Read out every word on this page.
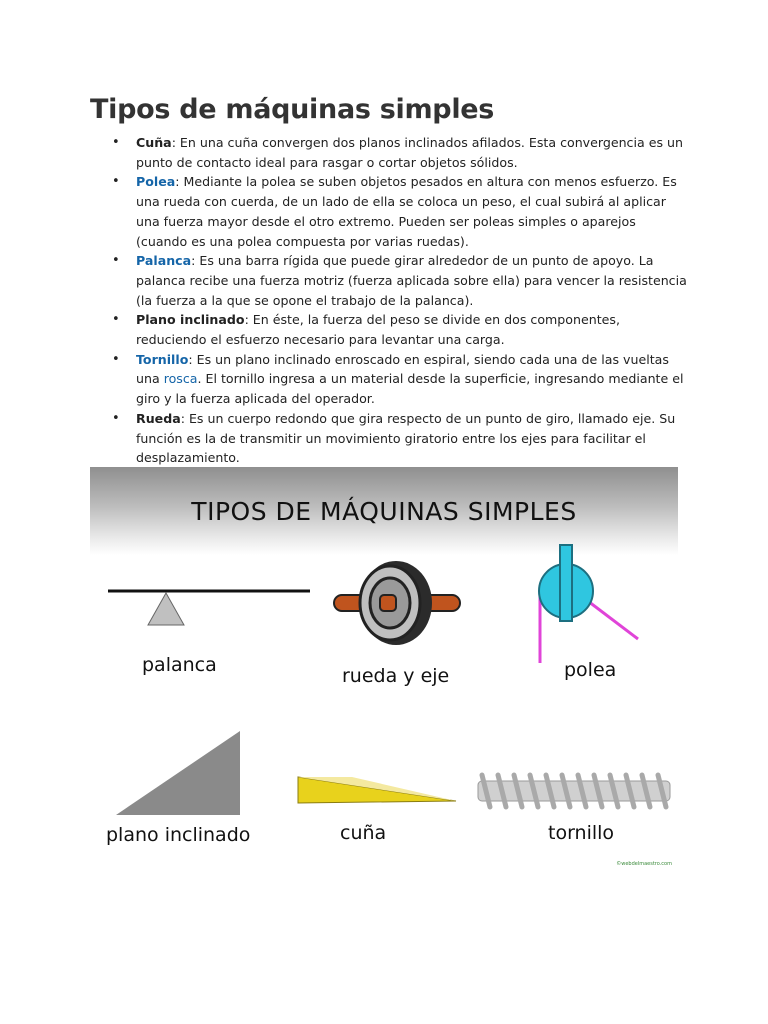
Tipos de máquinas simples
• Cuña: En una cuña convergen dos planos inclinados afilados. Esta convergencia es un punto de contacto ideal para rasgar o cortar objetos sólidos.
• Polea: Mediante la polea se suben objetos pesados en altura con menos esfuerzo. Es una rueda con cuerda, de un lado de ella se coloca un peso, el cual subirá al aplicar una fuerza mayor desde el otro extremo. Pueden ser poleas simples o aparejos (cuando es una polea compuesta por varias ruedas).
• Palanca: Es una barra rígida que puede girar alrededor de un punto de apoyo. La palanca recibe una fuerza motriz (fuerza aplicada sobre ella) para vencer la resistencia (la fuerza a la que se opone el trabajo de la palanca).
• Plano inclinado: En éste, la fuerza del peso se divide en dos componentes, reduciendo el esfuerzo necesario para levantar una carga.
• Tornillo: Es un plano inclinado enroscado en espiral, siendo cada una de las vueltas una rosca. El tornillo ingresa a un material desde la superficie, ingresando mediante el giro y la fuerza aplicada del operador.
• Rueda: Es un cuerpo redondo que gira respecto de un punto de giro, llamado eje. Su función es la de transmitir un movimiento giratorio entre los ejes para facilitar el desplazamiento.
TIPOS DE MÁQUINAS SIMPLES
palanca	rueda y eje	polea
plano inclinado	cuña	tornillo
©webdelmaestro.com
